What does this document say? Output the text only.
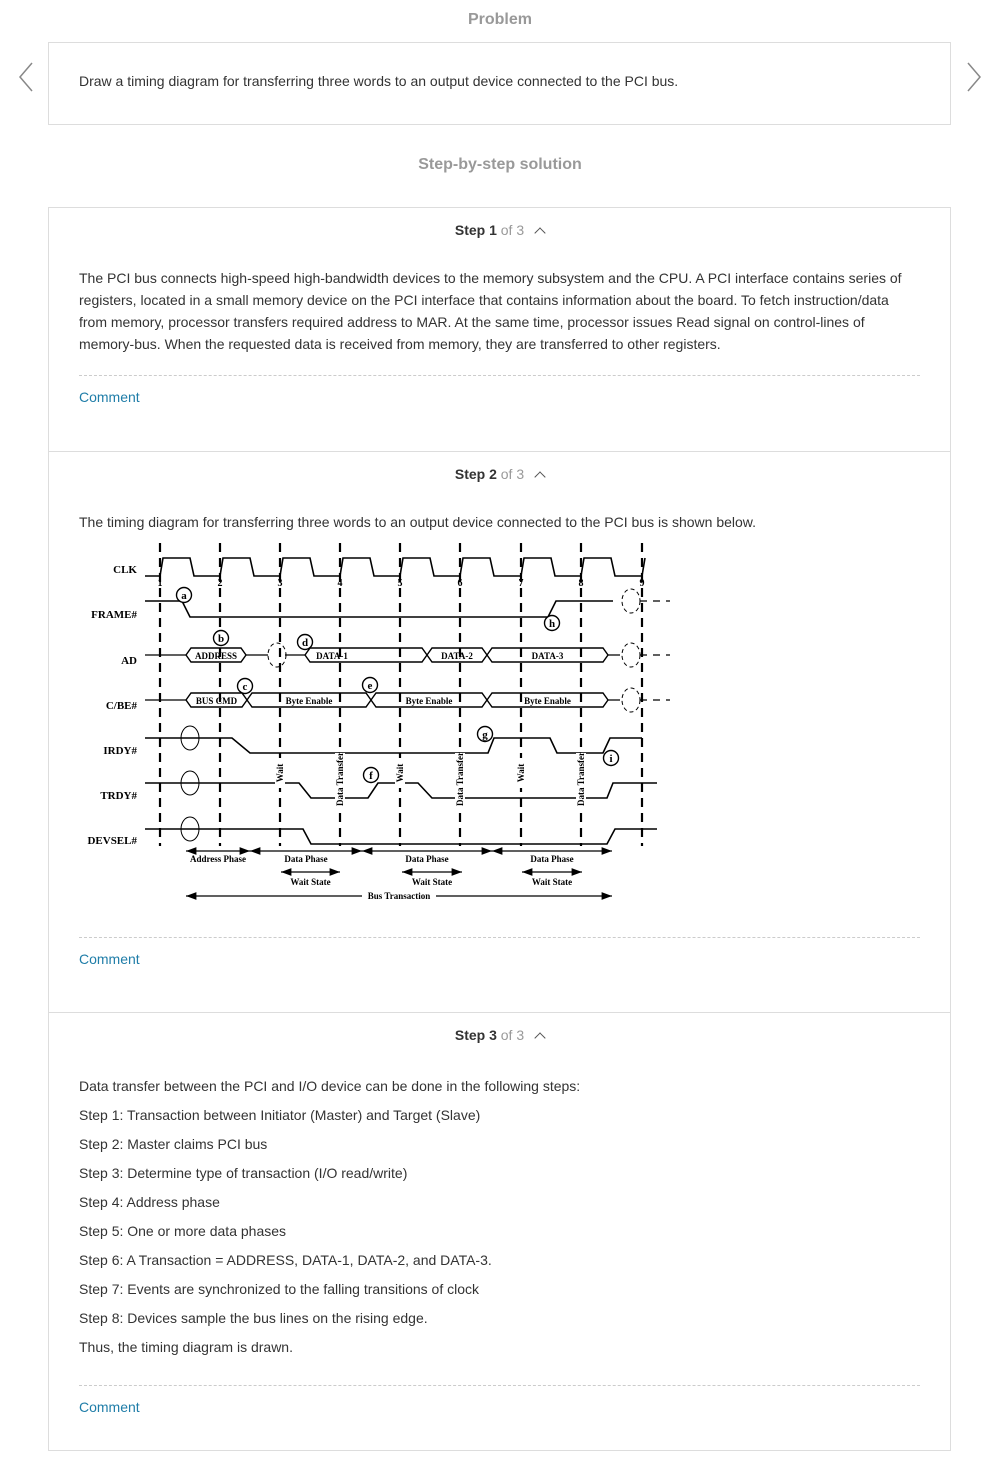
Problem
Draw a timing diagram for transferring three words to an output device connected to the PCI bus.
Step-by-step solution
Step 1 of 3
The PCI bus connects high-speed high-bandwidth devices to the memory subsystem and the CPU. A PCI interface contains series of registers, located in a small memory device on the PCI interface that contains information about the board. To fetch instruction/data from memory, processor transfers required address to MAR. At the same time, processor issues Read signal on control-lines of memory-bus. When the requested data is received from memory, they are transferred to other registers.
Comment
Step 2 of 3
The timing diagram for transferring three words to an output device connected to the PCI bus is shown below.
1	2	3	4	5	6	7	8	9
CLK
FRAME#
AD
C/BE#
IRDY#
TRDY#
DEVSEL#
ADDRESS	DATA-1	DATA-2	DATA-3
BUS CMD	Byte Enable	Byte Enable	Byte Enable
a
b
c
d
e
f
g
h
i
Wait	Data Transfer	Wait	Data Transfer	Wait	Data Transfer
Address Phase	Data Phase	Data Phase	Data Phase
Wait State	Wait State	Wait State
Bus Transaction
Comment
Step 3 of 3
Data transfer between the PCI and I/O device can be done in the following steps:
Step 1: Transaction between Initiator (Master) and Target (Slave)
Step 2: Master claims PCI bus
Step 3: Determine type of transaction (I/O read/write)
Step 4: Address phase
Step 5: One or more data phases
Step 6: A Transaction = ADDRESS, DATA-1, DATA-2, and DATA-3.
Step 7: Events are synchronized to the falling transitions of clock
Step 8: Devices sample the bus lines on the rising edge.
Thus, the timing diagram is drawn.
Comment
